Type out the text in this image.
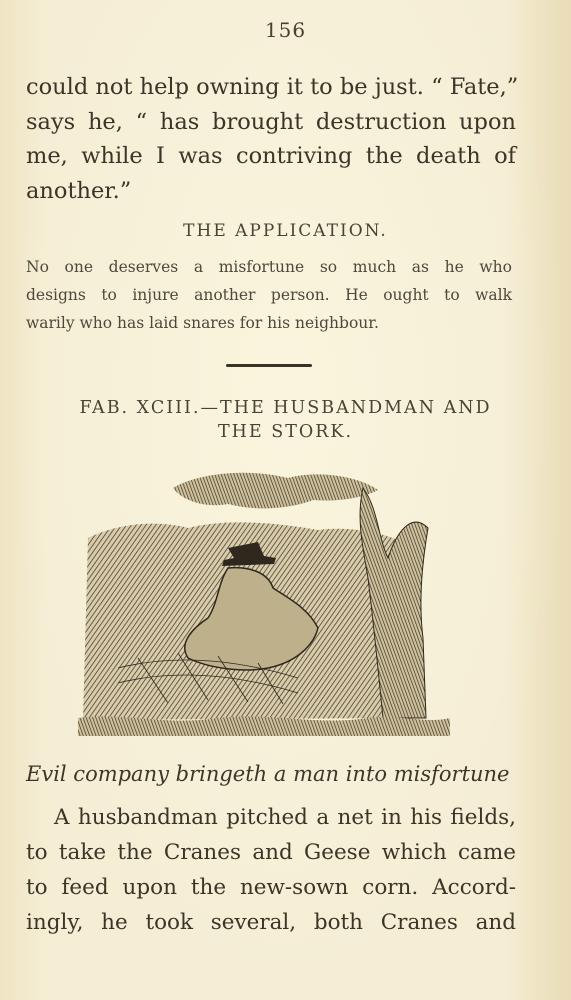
156
could not help owning it to be just. “ Fate,”
says he, “ has brought destruction upon
me, while I was contriving the death of
another.”
THE APPLICATION.
No one deserves a misfortune so much as he who
designs to injure another person. He ought to walk
warily who has laid snares for his neighbour.
FAB. XCIII.—THE HUSBANDMAN AND
THE STORK.
Evil company bringeth a man into misfortune
A husbandman pitched a net in his fields,
to take the Cranes and Geese which came
to feed upon the new-sown corn. Accord-
ingly, he took several, both Cranes and
